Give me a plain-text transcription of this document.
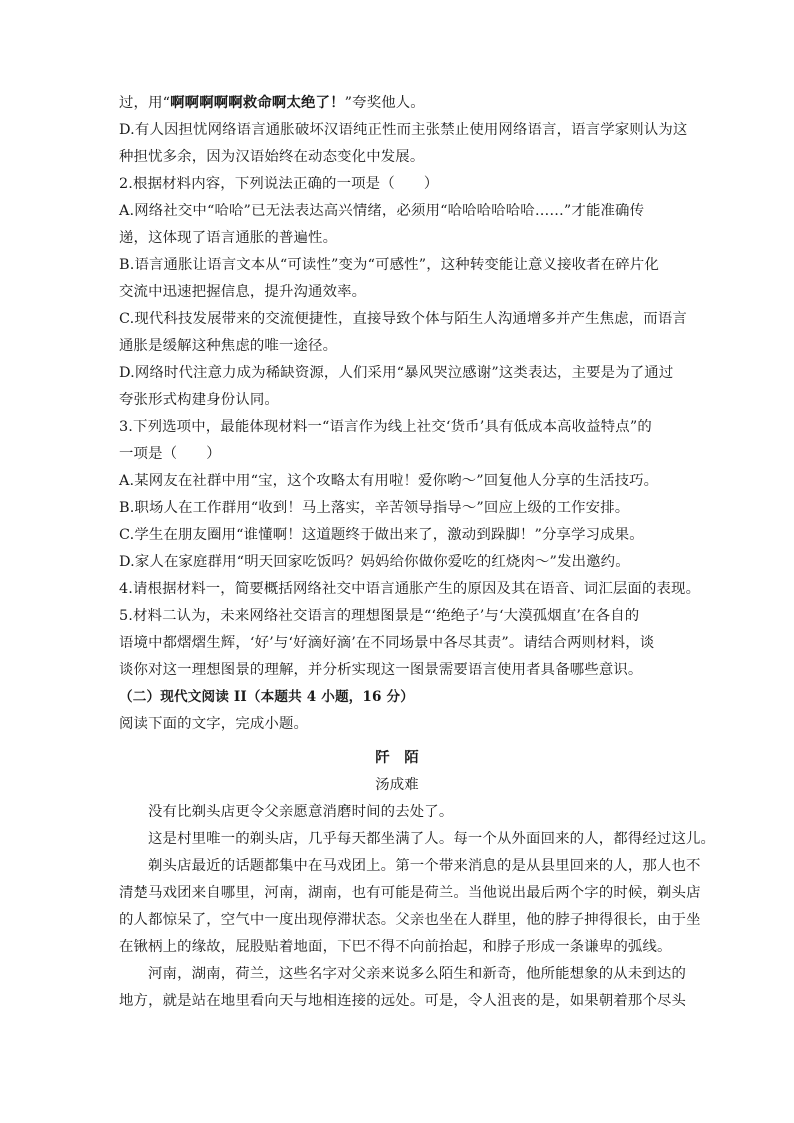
过，用“啊啊啊啊啊救命啊太绝了！”夸奖他人。
D.有人因担忧网络语言通胀破坏汉语纯正性而主张禁止使用网络语言，语言学家则认为这
种担忧多余，因为汉语始终在动态变化中发展。
2.根据材料内容，下列说法正确的一项是（　　）
A.网络社交中“哈哈”已无法表达高兴情绪，必须用“哈哈哈哈哈哈……”才能准确传
递，这体现了语言通胀的普遍性。
B.语言通胀让语言文本从“可读性”变为“可感性”，这种转变能让意义接收者在碎片化
交流中迅速把握信息，提升沟通效率。
C.现代科技发展带来的交流便捷性，直接导致个体与陌生人沟通增多并产生焦虑，而语言
通胀是缓解这种焦虑的唯一途径。
D.网络时代注意力成为稀缺资源，人们采用“暴风哭泣感谢”这类表达，主要是为了通过
夸张形式构建身份认同。
3.下列选项中，最能体现材料一“语言作为线上社交‘货币’具有低成本高收益特点”的
一项是（　　）
A.某网友在社群中用“宝，这个攻略太有用啦！爱你哟～”回复他人分享的生活技巧。
B.职场人在工作群用“收到！马上落实，辛苦领导指导～”回应上级的工作安排。
C.学生在朋友圈用“谁懂啊！这道题终于做出来了，激动到跺脚！”分享学习成果。
D.家人在家庭群用“明天回家吃饭吗？妈妈给你做你爱吃的红烧肉～”发出邀约。
4.请根据材料一，简要概括网络社交中语言通胀产生的原因及其在语音、词汇层面的表现。
5.材料二认为，未来网络社交语言的理想图景是“‘绝绝子’与‘大漠孤烟直’在各自的
语境中都熠熠生辉，‘好’与‘好滴好滴’在不同场景中各尽其责”。请结合两则材料，谈
谈你对这一理想图景的理解，并分析实现这一图景需要语言使用者具备哪些意识。
（二）现代文阅读 II（本题共 4 小题，16 分）
阅读下面的文字，完成小题。
阡　陌
汤成难
没有比剃头店更令父亲愿意消磨时间的去处了。
这是村里唯一的剃头店，几乎每天都坐满了人。每一个从外面回来的人，都得经过这儿。
剃头店最近的话题都集中在马戏团上。第一个带来消息的是从县里回来的人，那人也不
清楚马戏团来自哪里，河南，湖南，也有可能是荷兰。当他说出最后两个字的时候，剃头店
的人都惊呆了，空气中一度出现停滞状态。父亲也坐在人群里，他的脖子抻得很长，由于坐
在锹柄上的缘故，屁股贴着地面，下巴不得不向前抬起，和脖子形成一条谦卑的弧线。
河南，湖南，荷兰，这些名字对父亲来说多么陌生和新奇，他所能想象的从未到达的
地方，就是站在地里看向天与地相连接的远处。可是，令人沮丧的是，如果朝着那个尽头
